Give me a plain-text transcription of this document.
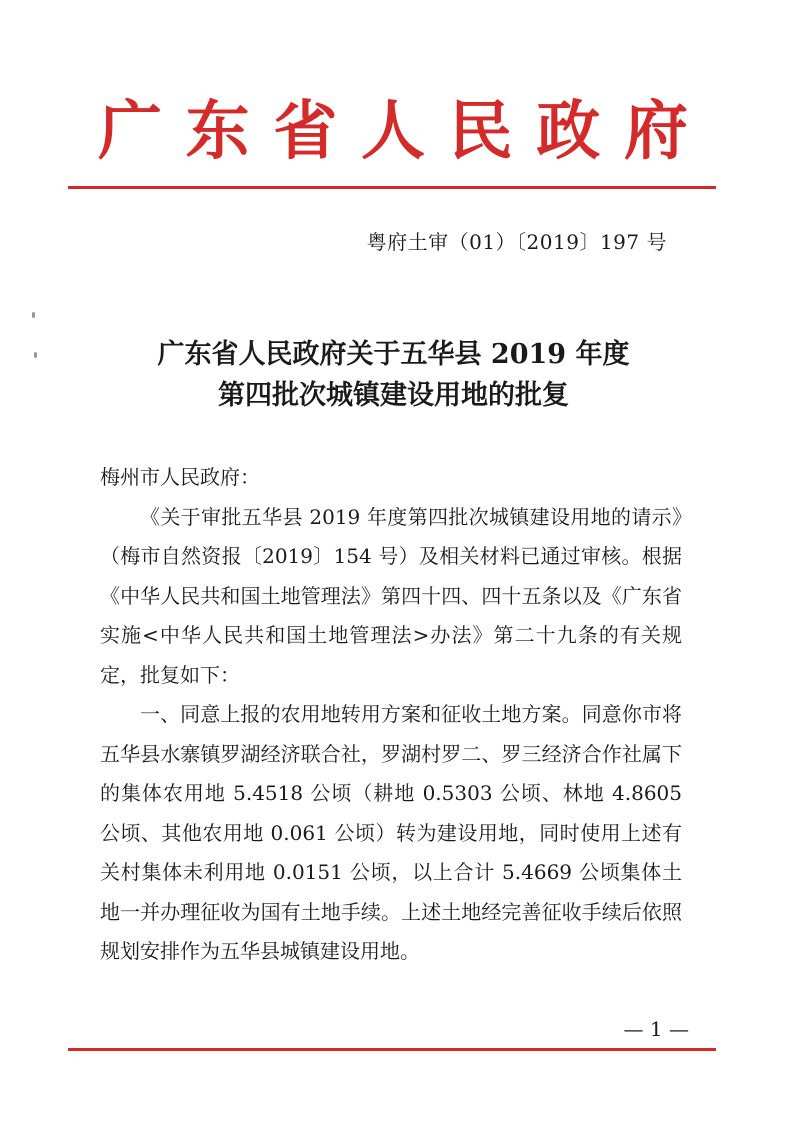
广 东 省 人 民 政 府
粤府土审（01）〔2019〕197 号
广东省人民政府关于五华县 2019 年度
第四批次城镇建设用地的批复

梅州市人民政府：

《关于审批五华县 2019 年度第四批次城镇建设用地的请示》（梅市自然资报〔2019〕154 号）及相关材料已通过审核。根据《中华人民共和国土地管理法》第四十四、四十五条以及《广东省实施<中华人民共和国土地管理法>办法》第二十九条的有关规定，批复如下：

一、同意上报的农用地转用方案和征收土地方案。同意你市将五华县水寨镇罗湖经济联合社，罗湖村罗二、罗三经济合作社属下的集体农用地 5.4518 公顷（耕地 0.5303 公顷、林地 4.8605 公顷、其他农用地 0.061 公顷）转为建设用地，同时使用上述有关村集体未利用地 0.0151 公顷，以上合计 5.4669 公顷集体土地一并办理征收为国有土地手续。上述土地经完善征收手续后依照规划安排作为五华县城镇建设用地。

— 1 —
